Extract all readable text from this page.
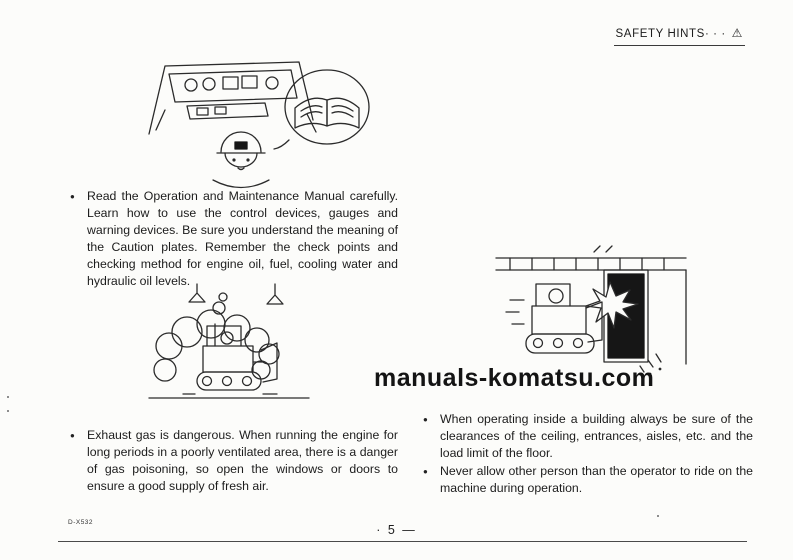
SAFETY HINTS· · · ⚠
● Read the Operation and Maintenance Manual carefully. Learn how to use the control devices, gauges and warning devices. Be sure you understand the meaning of the Caution plates. Remember the check points and checking method for engine oil, fuel, cooling water and hydraulic oil levels.
● Exhaust gas is dangerous. When running the engine for long periods in a poorly ventilated area, there is a danger of gas poisoning, so open the windows or doors to ensure a good supply of fresh air.
manuals-komatsu.com
● When operating inside a building always be sure of the clearances of the ceiling, entrances, aisles, etc. and the load limit of the floor.
● Never allow other person than the operator to ride on the machine during operation.
D-X532
· 5 —
